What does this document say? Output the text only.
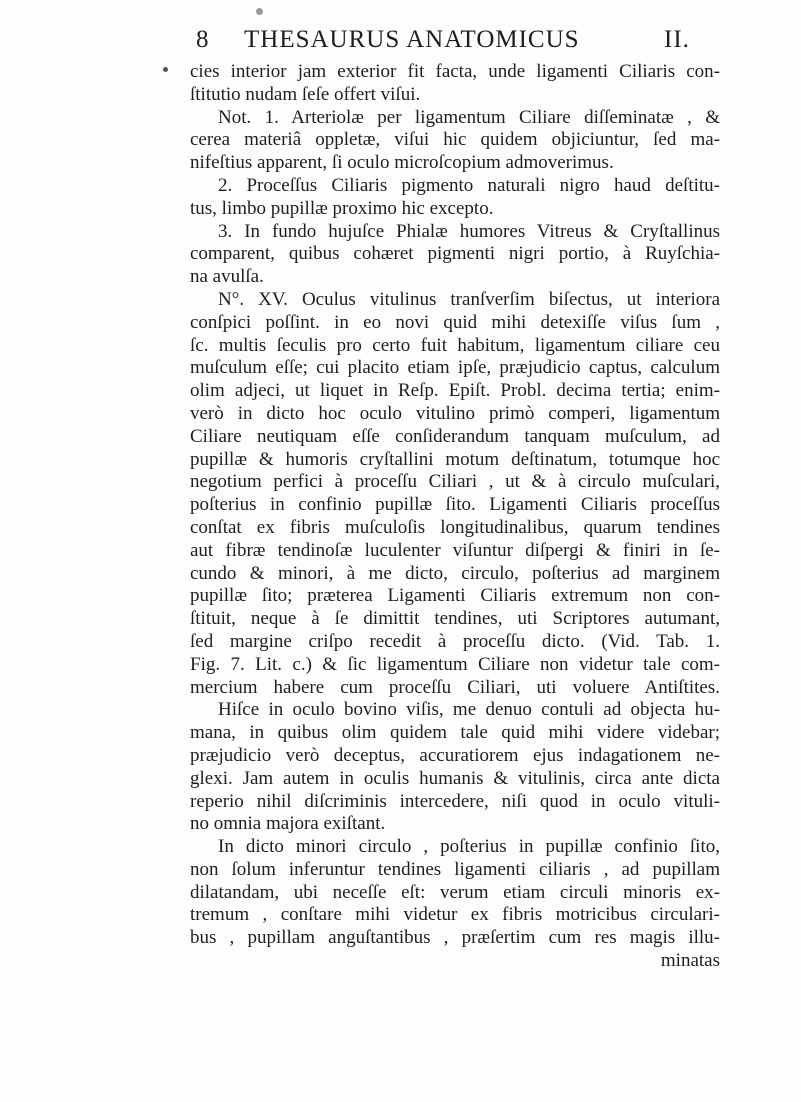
8 THESAURUS ANATOMICUS	II.
cies interior jam exterior fit facta, unde ligamenti Ciliaris con-
ſtitutio nudam ſeſe offert viſui.
Not. 1. Arteriolæ per ligamentum Ciliare diſſeminatæ , &
cerea materiâ oppletæ, viſui hic quidem objiciuntur, ſed ma-
nifeſtius apparent, ſi oculo microſcopium admoverimus.
2. Proceſſus Ciliaris pigmento naturali nigro haud deſtitu-
tus, limbo pupillæ proximo hic excepto.
3. In fundo hujuſce Phialæ humores Vitreus & Cryſtallinus
comparent, quibus cohæret pigmenti nigri portio, à Ruyſchia-
na avulſa.
N°. XV. Oculus vitulinus tranſverſim biſectus, ut interiora
conſpici poſſint. in eo novi quid mihi detexiſſe viſus ſum ,
ſc. multis ſeculis pro certo fuit habitum, ligamentum ciliare ceu
muſculum eſſe; cui placito etiam ipſe, præjudicio captus, calculum
olim adjeci, ut liquet in Reſp. Epiſt. Probl. decima tertia; enim-
verò in dicto hoc oculo vitulino primò comperi, ligamentum
Ciliare neutiquam eſſe conſiderandum tanquam muſculum, ad
pupillæ & humoris cryſtallini motum deſtinatum, totumque hoc
negotium perfici à proceſſu Ciliari , ut & à circulo muſculari,
poſterius in confinio pupillæ ſito. Ligamenti Ciliaris proceſſus
conſtat ex fibris muſculoſis longitudinalibus, quarum tendines
aut fibræ tendinoſæ luculenter viſuntur diſpergi & finiri in ſe-
cundo & minori, à me dicto, circulo, poſterius ad marginem
pupillæ ſito; præterea Ligamenti Ciliaris extremum non con-
ſtituit, neque à ſe dimittit tendines, uti Scriptores autumant,
ſed margine criſpo recedit à proceſſu dicto. (Vid. Tab. 1.
Fig. 7. Lit. c.) & ſic ligamentum Ciliare non videtur tale com-
mercium habere cum proceſſu Ciliari, uti voluere Antiſtites.
Hiſce in oculo bovino viſis, me denuo contuli ad objecta hu-
mana, in quibus olim quidem tale quid mihi videre videbar;
præjudicio verò deceptus, accuratiorem ejus indagationem ne-
glexi. Jam autem in oculis humanis & vitulinis, circa ante dicta
reperio nihil diſcriminis intercedere, niſi quod in oculo vituli-
no omnia majora exiſtant.
In dicto minori circulo , poſterius in pupillæ confinio ſito,
non ſolum inferuntur tendines ligamenti ciliaris , ad pupillam
dilatandam, ubi neceſſe eſt: verum etiam circuli minoris ex-
tremum , conſtare mihi videtur ex fibris motricibus circulari-
bus , pupillam anguſtantibus , præſertim cum res magis illu-
minatas
